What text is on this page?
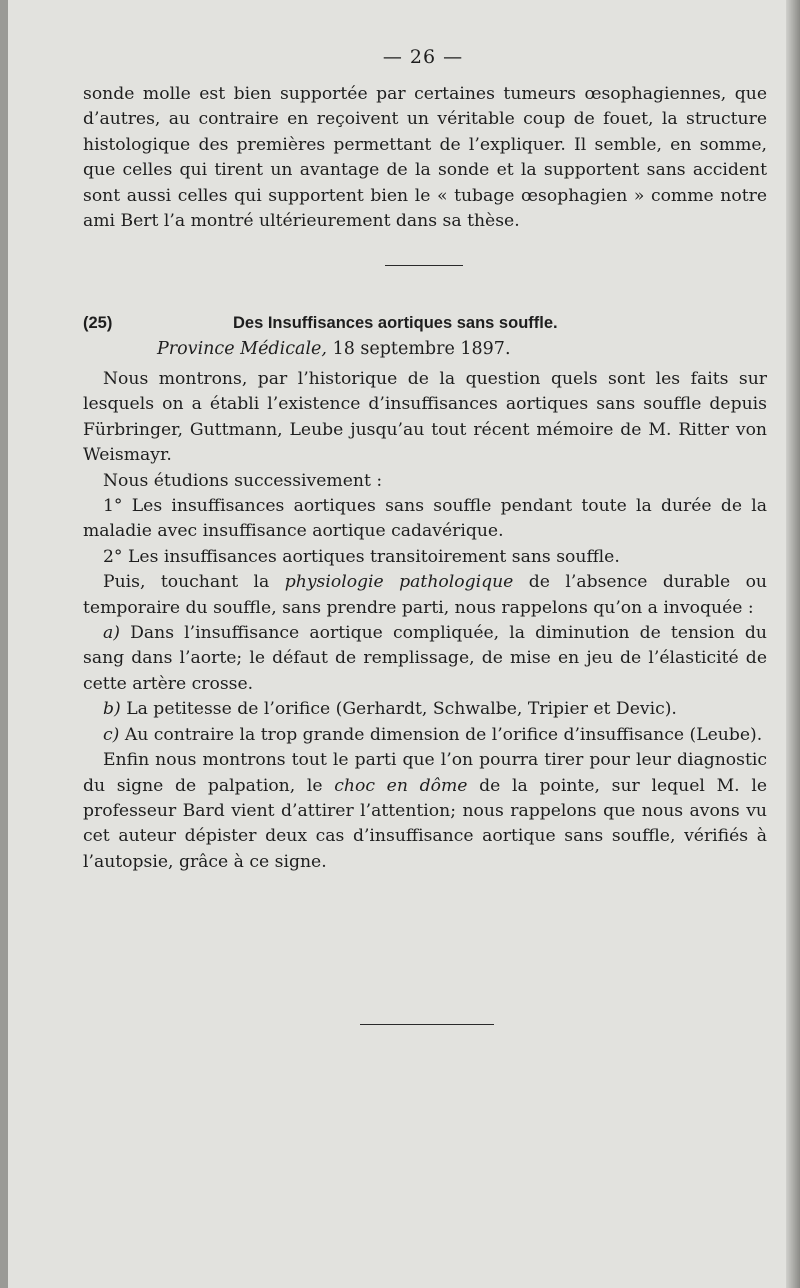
— 26 —

sonde molle est bien supportée par certaines tumeurs œsophagiennes, que d’autres, au contraire en reçoivent un véritable coup de fouet, la structure histologique des premières permettant de l’expliquer. Il semble, en somme, que celles qui tirent un avantage de la sonde et la supportent sans accident sont aussi celles qui supportent bien le « tubage œsophagien » comme notre ami Bert l’a montré ultérieurement dans sa thèse.

(25)	Des Insuffisances aortiques sans souffle.
Province Médicale, 18 septembre 1897.

Nous montrons, par l’historique de la question quels sont les faits sur lesquels on a établi l’existence d’insuffisances aortiques sans souffle depuis Fürbringer, Guttmann, Leube jusqu’au tout récent mémoire de M. Ritter von Weismayr.

Nous étudions successivement :

1° Les insuffisances aortiques sans souffle pendant toute la durée de la maladie avec insuffisance aortique cadavérique.

2° Les insuffisances aortiques transitoirement sans souffle.

Puis, touchant la physiologie pathologique de l’absence durable ou temporaire du souffle, sans prendre parti, nous rappelons qu’on a invoquée :

a) Dans l’insuffisance aortique compliquée, la diminution de tension du sang dans l’aorte; le défaut de remplissage, de mise en jeu de l’élasticité de cette artère crosse.

b) La petitesse de l’orifice (Gerhardt, Schwalbe, Tripier et Devic).

c) Au contraire la trop grande dimension de l’orifice d’insuffisance (Leube).

Enfin nous montrons tout le parti que l’on pourra tirer pour leur diagnostic du signe de palpation, le choc en dôme de la pointe, sur lequel M. le professeur Bard vient d’attirer l’attention; nous rappelons que nous avons vu cet auteur dépister deux cas d’insuffisance aortique sans souffle, vérifiés à l’autopsie, grâce à ce signe.
